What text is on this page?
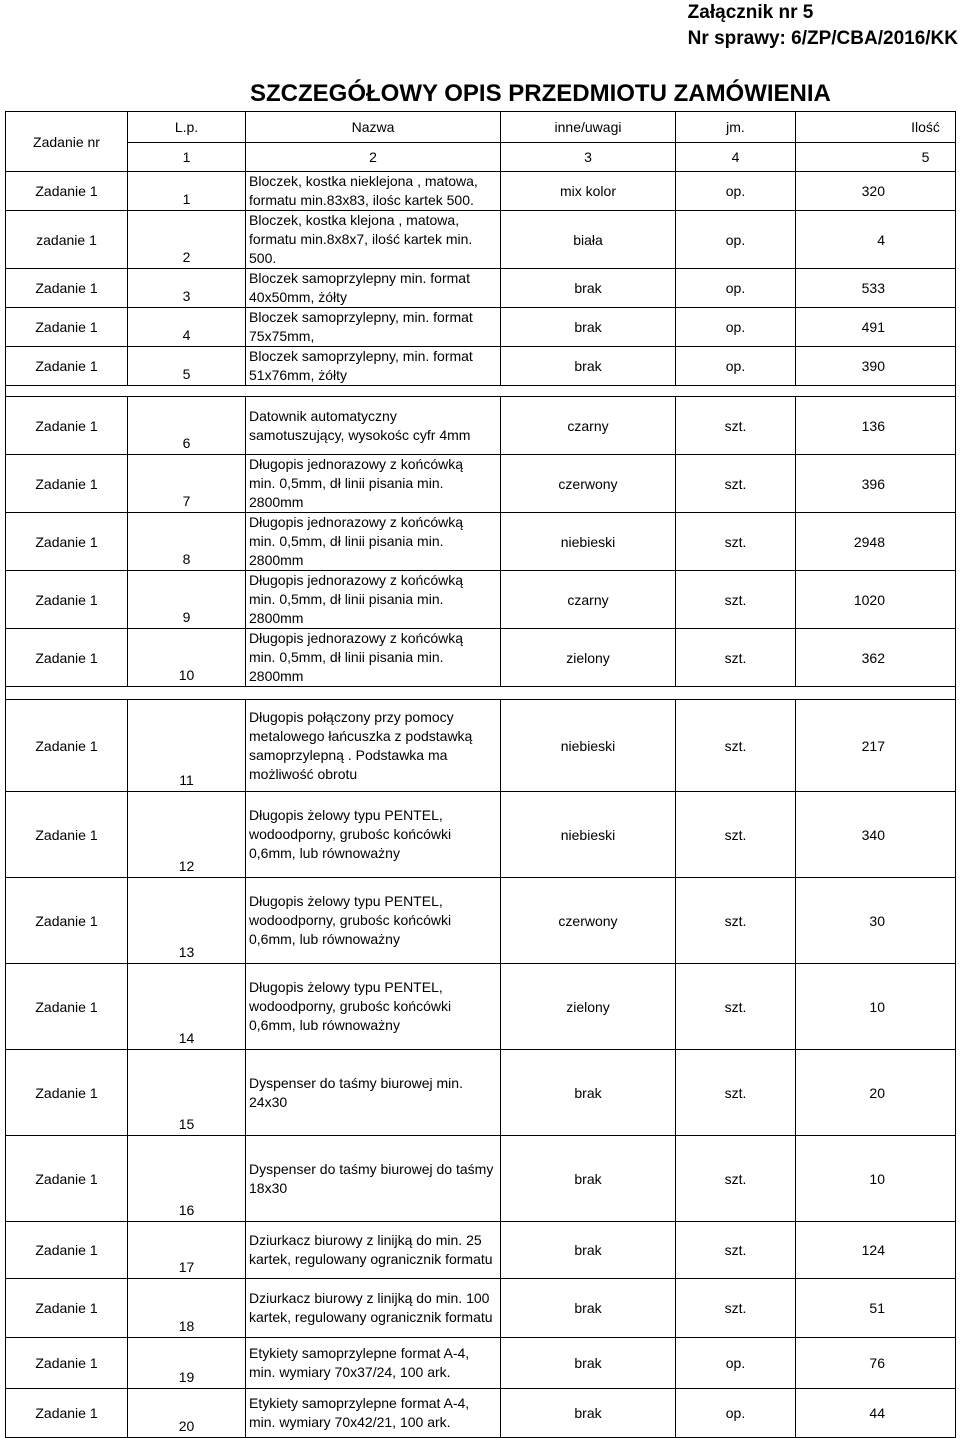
Załącznik nr 5
Nr sprawy: 6/ZP/CBA/2016/KK
SZCZEGÓŁOWY OPIS PRZEDMIOTU ZAMÓWIENIA
Zadanie nr	L.p.	Nazwa	inne/uwagi	jm.	Ilość
	1	2	3	4	5
Zadanie 1	1	Bloczek, kostka nieklejona , matowa,
formatu min.83x83, ilośc kartek 500.	mix kolor	op.	320
zadanie 1	2	Bloczek, kostka klejona , matowa,
formatu min.8x8x7, ilość kartek min.
500.	biała	op.	4
Zadanie 1	3	Bloczek samoprzylepny min. format
40x50mm, żółty	brak	op.	533
Zadanie 1	4	Bloczek samoprzylepny, min. format
75x75mm,	brak	op.	491
Zadanie 1	5	Bloczek samoprzylepny, min. format
51x76mm, żółty	brak	op.	390

Zadanie 1	6	Datownik automatyczny
samotuszujący, wysokośc cyfr 4mm	czarny	szt.	136
Zadanie 1	7	Długopis jednorazowy z końcówką
min. 0,5mm, dł linii pisania min.
2800mm	czerwony	szt.	396
Zadanie 1	8	Długopis jednorazowy z końcówką
min. 0,5mm, dł linii pisania min.
2800mm	niebieski	szt.	2948
Zadanie 1	9	Długopis jednorazowy z końcówką
min. 0,5mm, dł linii pisania min.
2800mm	czarny	szt.	1020
Zadanie 1	10	Długopis jednorazowy z końcówką
min. 0,5mm, dł linii pisania min.
2800mm	zielony	szt.	362

Zadanie 1	11	Długopis połączony przy pomocy
metalowego łańcuszka z podstawką
samoprzylepną . Podstawka ma
możliwość obrotu	niebieski	szt.	217
Zadanie 1	12	Długopis żelowy typu PENTEL,
wodoodporny, grubośc końcówki
0,6mm, lub równoważny	niebieski	szt.	340
Zadanie 1	13	Długopis żelowy typu PENTEL,
wodoodporny, grubośc końcówki
0,6mm, lub równoważny	czerwony	szt.	30
Zadanie 1	14	Długopis żelowy typu PENTEL,
wodoodporny, grubośc końcówki
0,6mm, lub równoważny	zielony	szt.	10
Zadanie 1	15	Dyspenser do taśmy biurowej min.
24x30	brak	szt.	20
Zadanie 1	16	Dyspenser do taśmy biurowej do taśmy
18x30	brak	szt.	10
Zadanie 1	17	Dziurkacz biurowy z linijką do min. 25
kartek, regulowany ogranicznik formatu	brak	szt.	124
Zadanie 1	18	Dziurkacz biurowy z linijką do min. 100
kartek, regulowany ogranicznik formatu	brak	szt.	51
Zadanie 1	19	Etykiety samoprzylepne format A-4,
min. wymiary 70x37/24, 100 ark.	brak	op.	76
Zadanie 1	20	Etykiety samoprzylepne format A-4,
min. wymiary 70x42/21, 100 ark.	brak	op.	44
